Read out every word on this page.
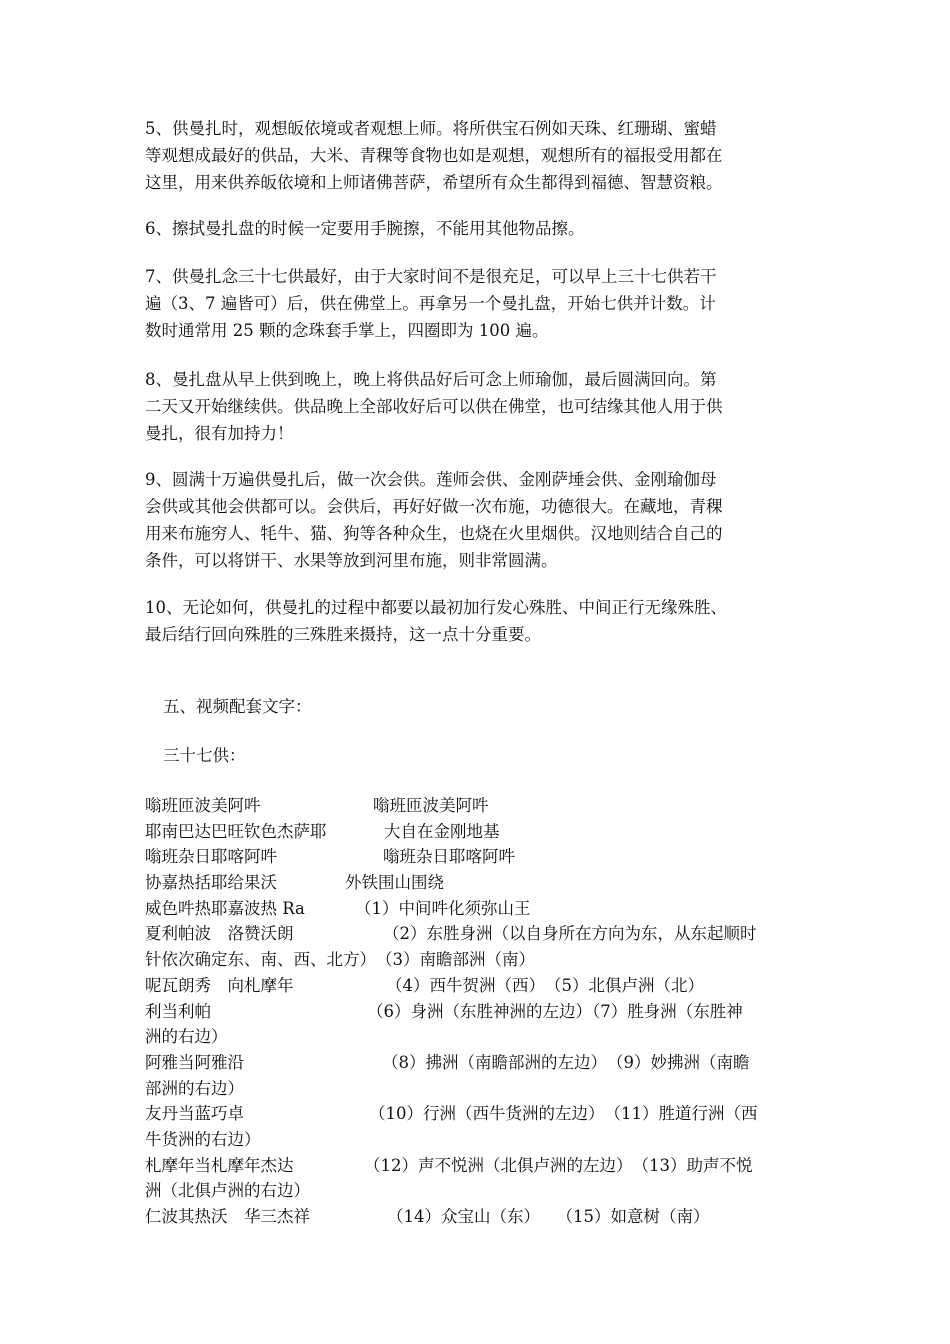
5、供曼扎时，观想皈依境或者观想上师。将所供宝石例如天珠、红珊瑚、蜜蜡
等观想成最好的供品，大米、青稞等食物也如是观想，观想所有的福报受用都在
这里，用来供养皈依境和上师诸佛菩萨，希望所有众生都得到福德、智慧资粮。

6、擦拭曼扎盘的时候一定要用手腕擦，不能用其他物品擦。

7、供曼扎念三十七供最好，由于大家时间不是很充足，可以早上三十七供若干
遍（3、7 遍皆可）后，供在佛堂上。再拿另一个曼扎盘，开始七供并计数。计
数时通常用 25 颗的念珠套手掌上，四圈即为 100 遍。

8、曼扎盘从早上供到晚上，晚上将供品好后可念上师瑜伽，最后圆满回向。第
二天又开始继续供。供品晚上全部收好后可以供在佛堂，也可结缘其他人用于供
曼扎，很有加持力！

9、圆满十万遍供曼扎后，做一次会供。莲师会供、金刚萨埵会供、金刚瑜伽母
会供或其他会供都可以。会供后，再好好做一次布施，功德很大。在藏地，青稞
用来布施穷人、牦牛、猫、狗等各种众生，也烧在火里烟供。汉地则结合自己的
条件，可以将饼干、水果等放到河里布施，则非常圆满。

10、无论如何，供曼扎的过程中都要以最初加行发心殊胜、中间正行无缘殊胜、
最后结行回向殊胜的三殊胜来摄持，这一点十分重要。

五、视频配套文字：

三十七供：

嗡班匝波美阿吽	嗡班匝波美阿吽
耶南巴达巴旺钦色杰萨耶	大自在金刚地基
嗡班杂日耶喀阿吽	嗡班杂日耶喀阿吽
协嘉热括耶给果沃	外铁围山围绕
威色吽热耶嘉波热 Ra	（1）中间吽化须弥山王
夏利帕波　洛赞沃朗	（2）东胜身洲（以自身所在方向为东，从东起顺时
针依次确定东、南、西、北方）　（3）南瞻部洲（南）
呢瓦朗秀　向札摩年	（4）西牛贺洲（西）　（5）北俱卢洲（北）
利当利帕	（6）身洲（东胜神洲的左边）（7）胜身洲（东胜神
洲的右边）
阿雅当阿雅沿	（8）拂洲（南瞻部洲的左边）　（9）妙拂洲（南瞻
部洲的右边）
友丹当蓝巧卓	（10）行洲（西牛货洲的左边）　（11）胜道行洲（西
牛货洲的右边）
札摩年当札摩年杰达	（12）声不悦洲（北俱卢洲的左边）　（13）助声不悦
洲（北俱卢洲的右边）
仁波其热沃　华三杰祥	（14）众宝山（东）　　（15）如意树（南）
